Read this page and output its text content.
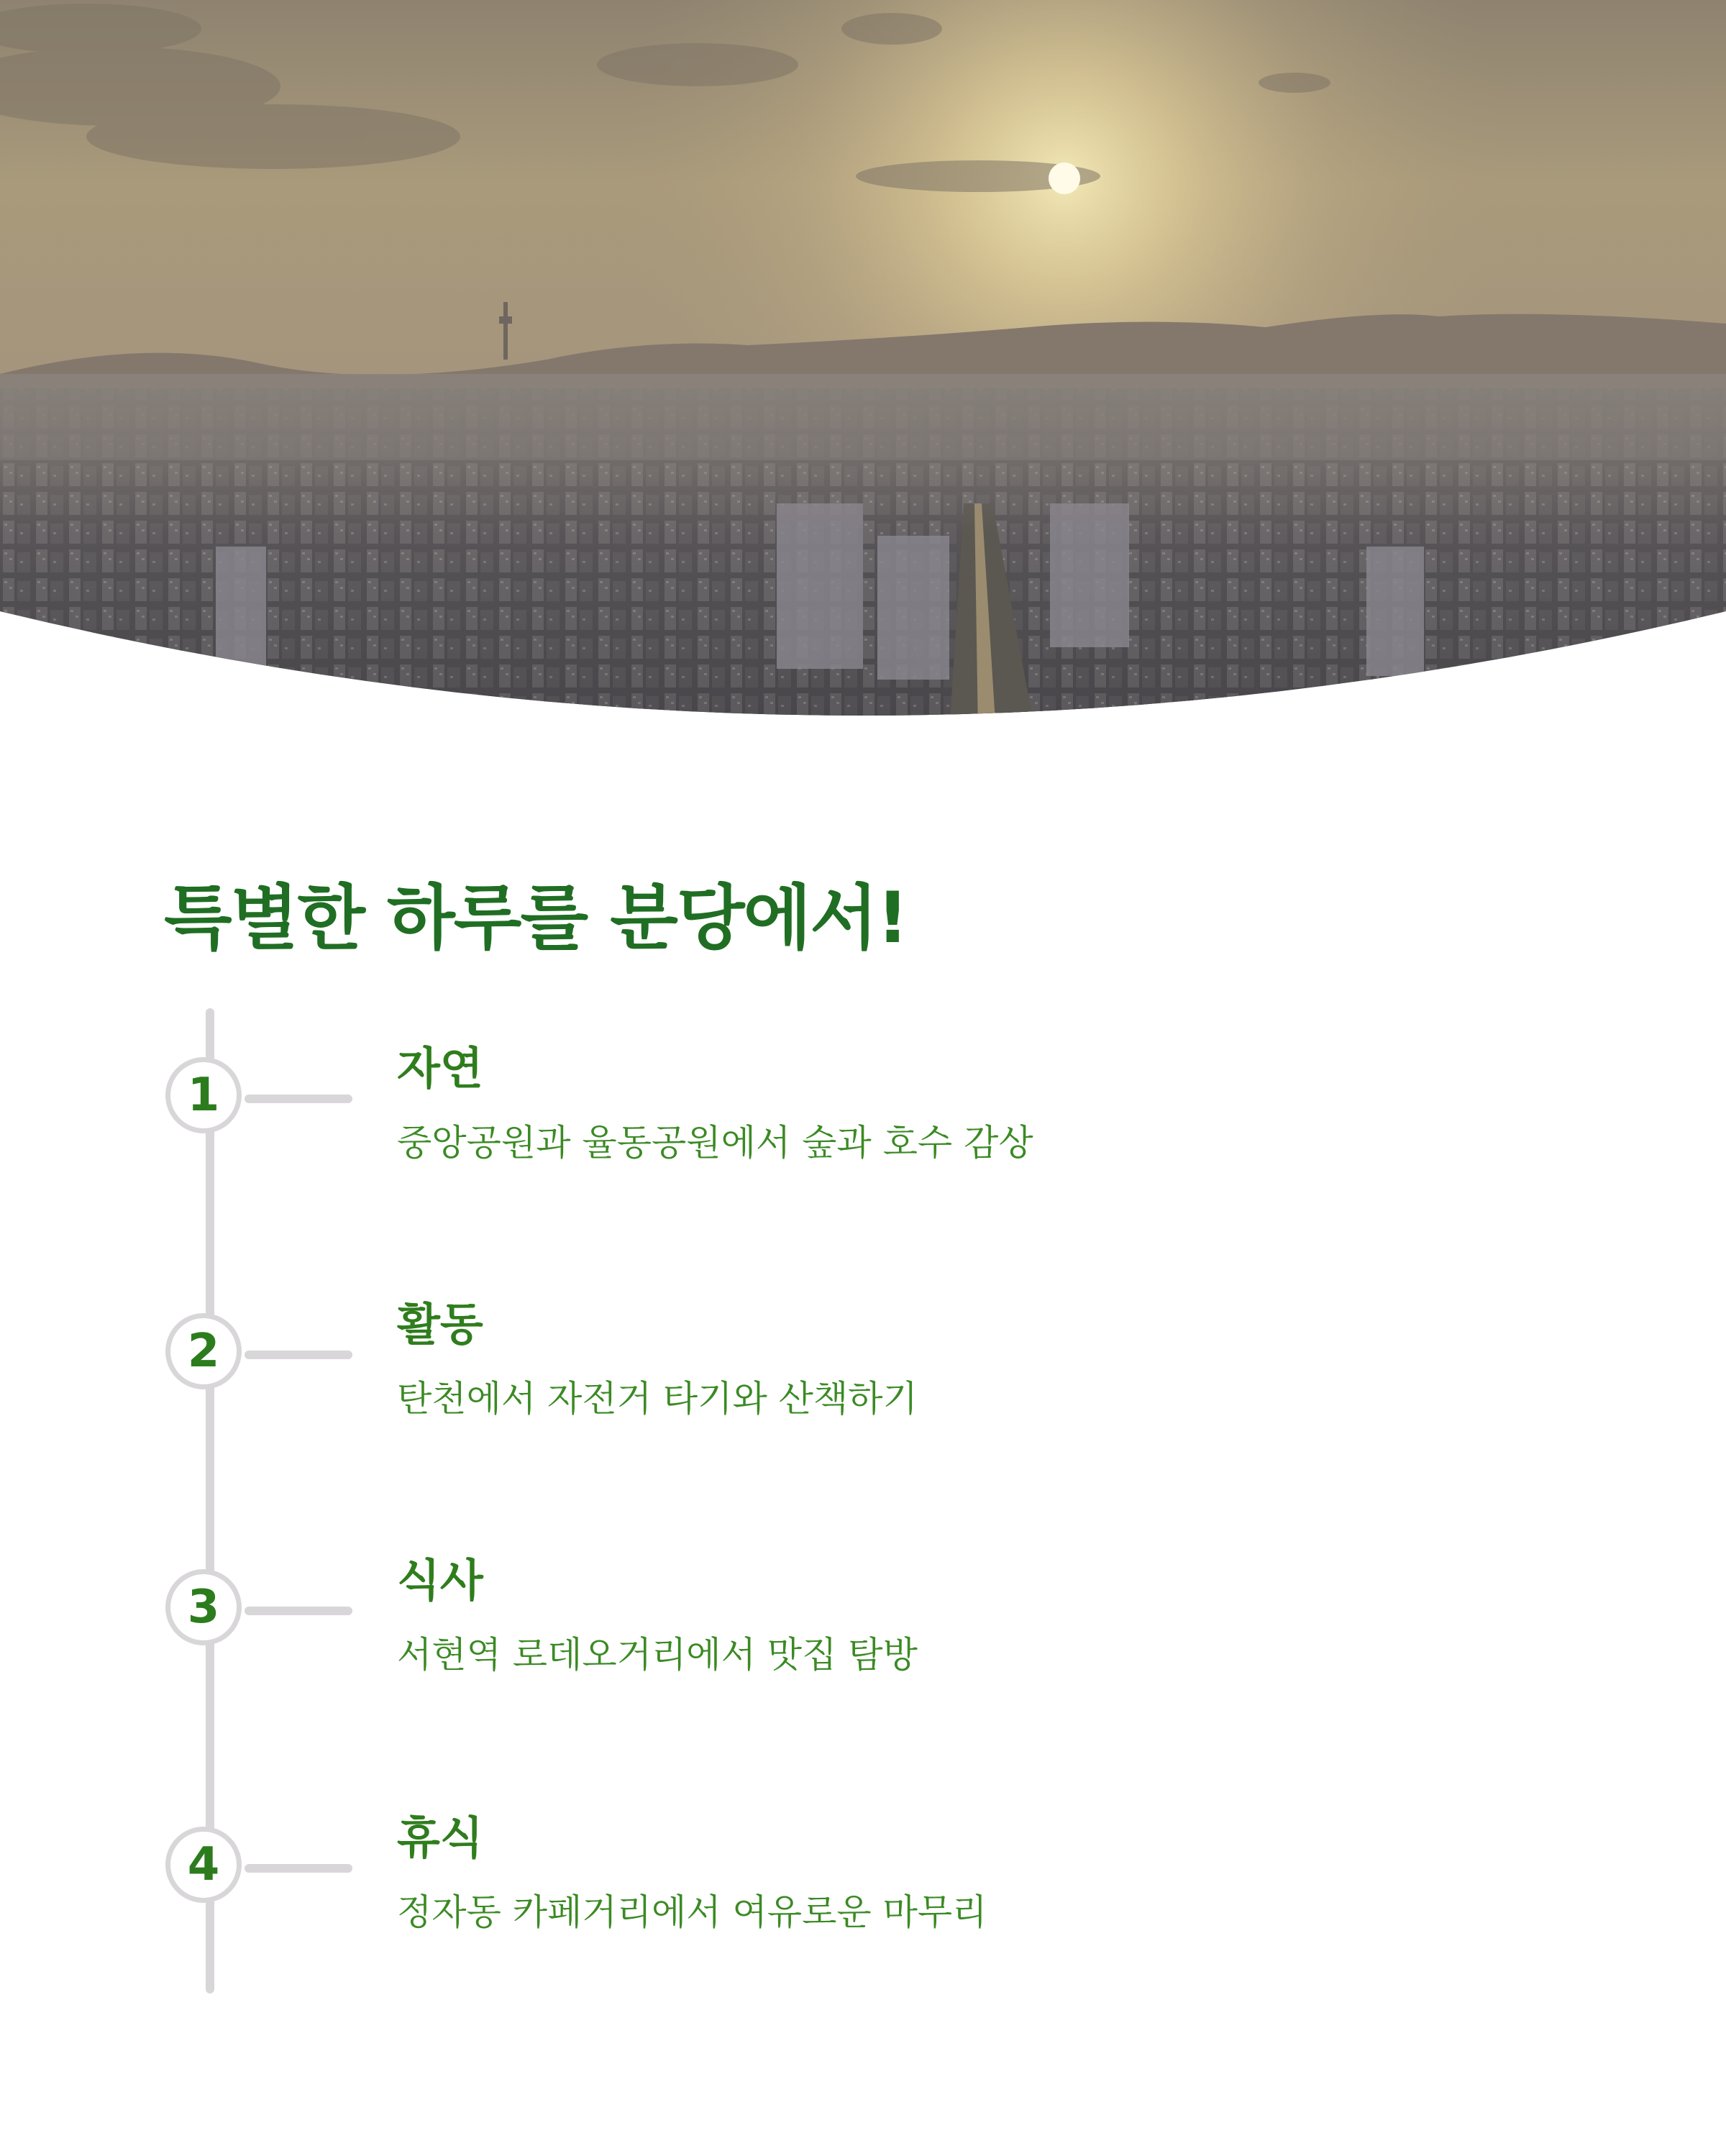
특별한 하루를 분당에서!
1
자연

중앙공원과 율동공원에서 숲과 호수 감상

2
활동

탄천에서 자전거 타기와 산책하기

3
식사

서현역 로데오거리에서 맛집 탐방

4
휴식

정자동 카페거리에서 여유로운 마무리
